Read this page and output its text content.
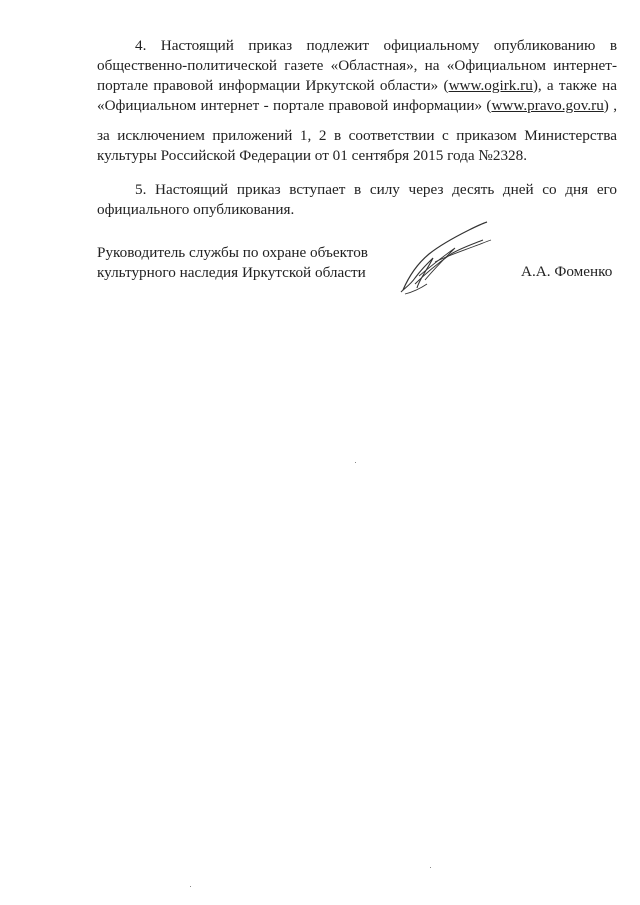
4. Настоящий приказ подлежит официальному опубликованию в
общественно-политической газете «Областная», на «Официальном интернет-
портале правовой информации Иркутской области» (www.ogirk.ru), а также на
«Официальном интернет - портале правовой информации» (www.pravo.gov.ru) ,
за исключением приложений 1, 2 в соответствии с приказом Министерства
культуры Российской Федерации от 01 сентября 2015 года №2328.
5. Настоящий приказ вступает в силу через десять дней со дня его
официального опубликования.
Руководитель службы по охране объектов
культурного наследия Иркутской области	А.А. Фоменко
